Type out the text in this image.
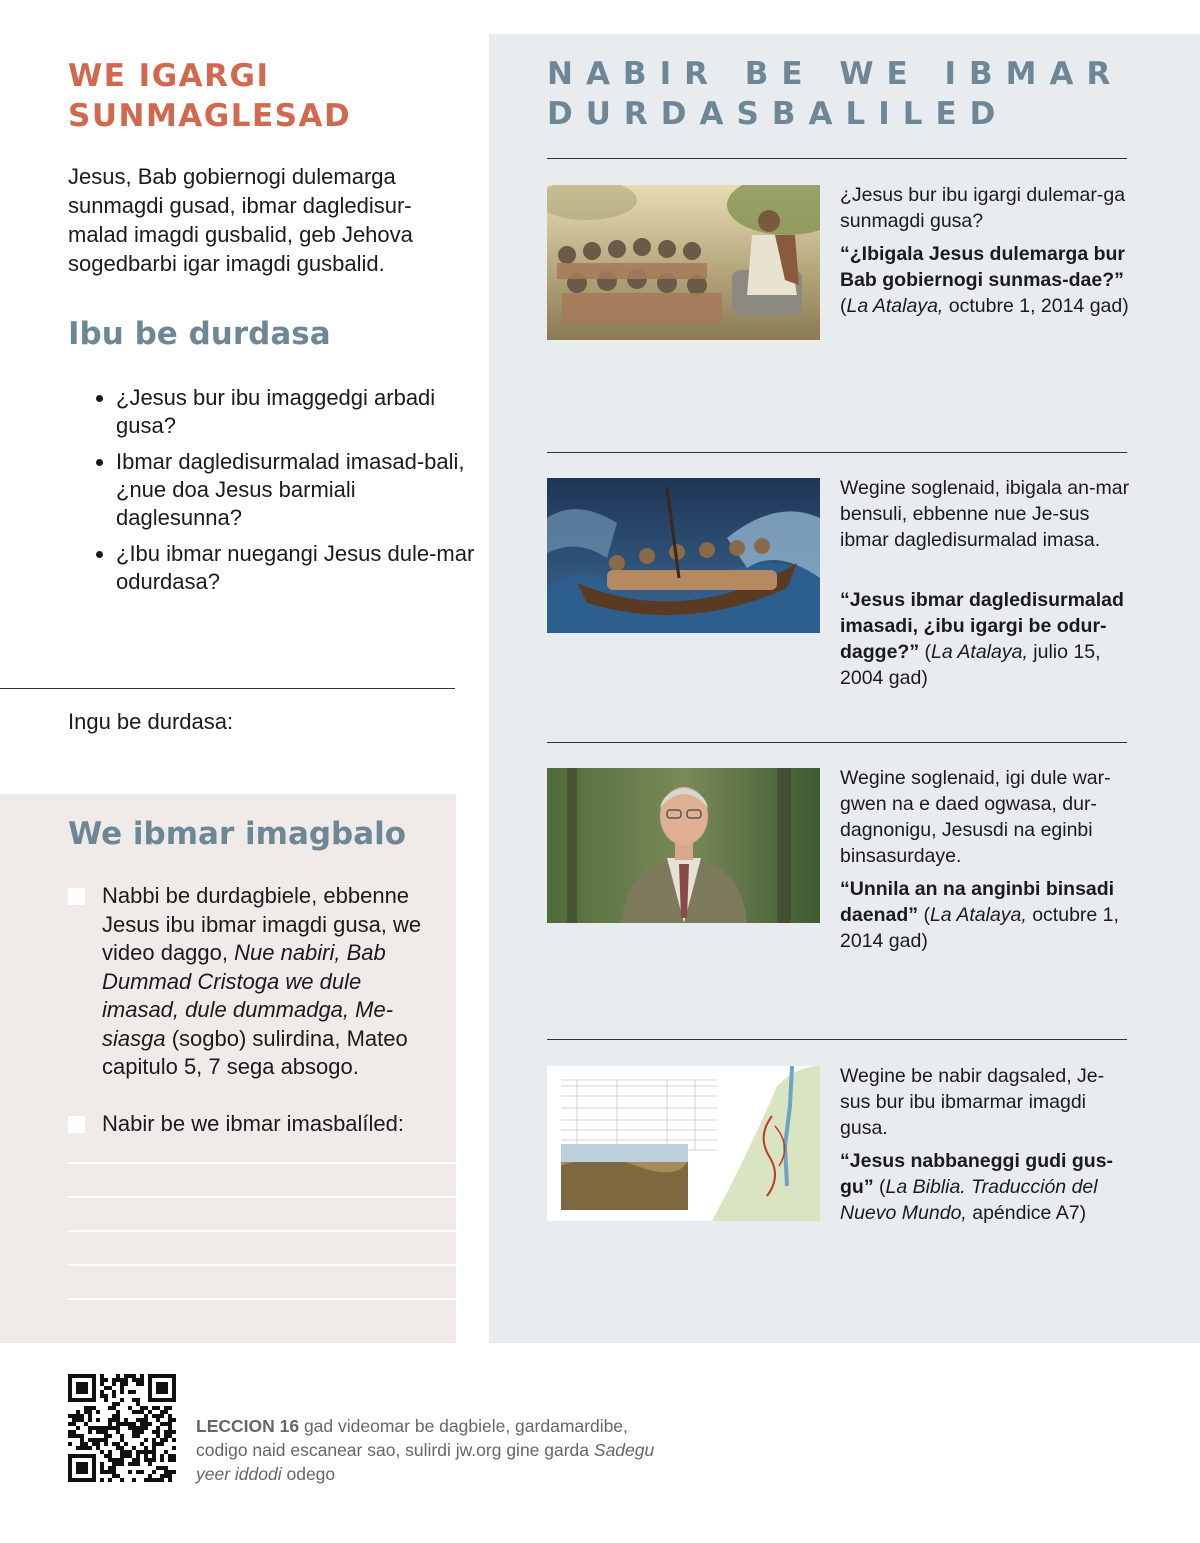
WE IGARGI SUNMAGLESAD

Jesus, Bab gobiernogi dulemarga sunmagdi gusad, ibmar dagledisur-malad imagdi gusbalid, geb Jehova sogedbarbi igar imagdi gusbalid.

Ibu be durdasa
• ¿Jesus bur ibu imaggedgi arbadi gusa?
• Ibmar dagledisurmalad imasad-bali, ¿nue doa Jesus barmiali daglesunna?
• ¿Ibu ibmar nuegangi Jesus dule-mar odurdasa?
Ingu be durdasa:
We ibmar imagbalo

Nabbi be durdagbiele, ebbenne Jesus ibu ibmar imagdi gusa, we video daggo, Nue nabiri, Bab Dummad Cristoga we dule imasad, dule dummadga, Me-siasga (sogbo) sulirdina, Mateo capitulo 5, 7 sega absogo.

Nabir be we ibmar imasbalíled:

NABIR BE WE IBMAR DURDASBALILED

¿Jesus bur ibu igargi dulemar-ga sunmagdi gusa?

“¿Ibigala Jesus dulemarga bur Bab gobiernogi sunmas-dae?” (La Atalaya, octubre 1, 2014 gad)

Wegine soglenaid, ibigala an-mar bensuli, ebbenne nue Je-sus ibmar dagledisurmalad imasa.

“Jesus ibmar dagledisurmalad imasadi, ¿ibu igargi be odur-dagge?” (La Atalaya, julio 15, 2004 gad)

Wegine soglenaid, igi dule war-gwen na e daed ogwasa, dur-dagnonigu, Jesusdi na eginbi binsasurdaye.

“Unnila an na anginbi binsadi daenad” (La Atalaya, octubre 1, 2014 gad)

Wegine be nabir dagsaled, Je-sus bur ibu ibmarmar imagdi gusa.

“Jesus nabbaneggi gudi gus-gu” (La Biblia. Traducción del Nuevo Mundo, apéndice A7)

LECCION 16 gad videomar be dagbiele, gardamardibe, codigo naid escanear sao, sulirdi jw.org gine garda Sadegu yeer iddodi odego
